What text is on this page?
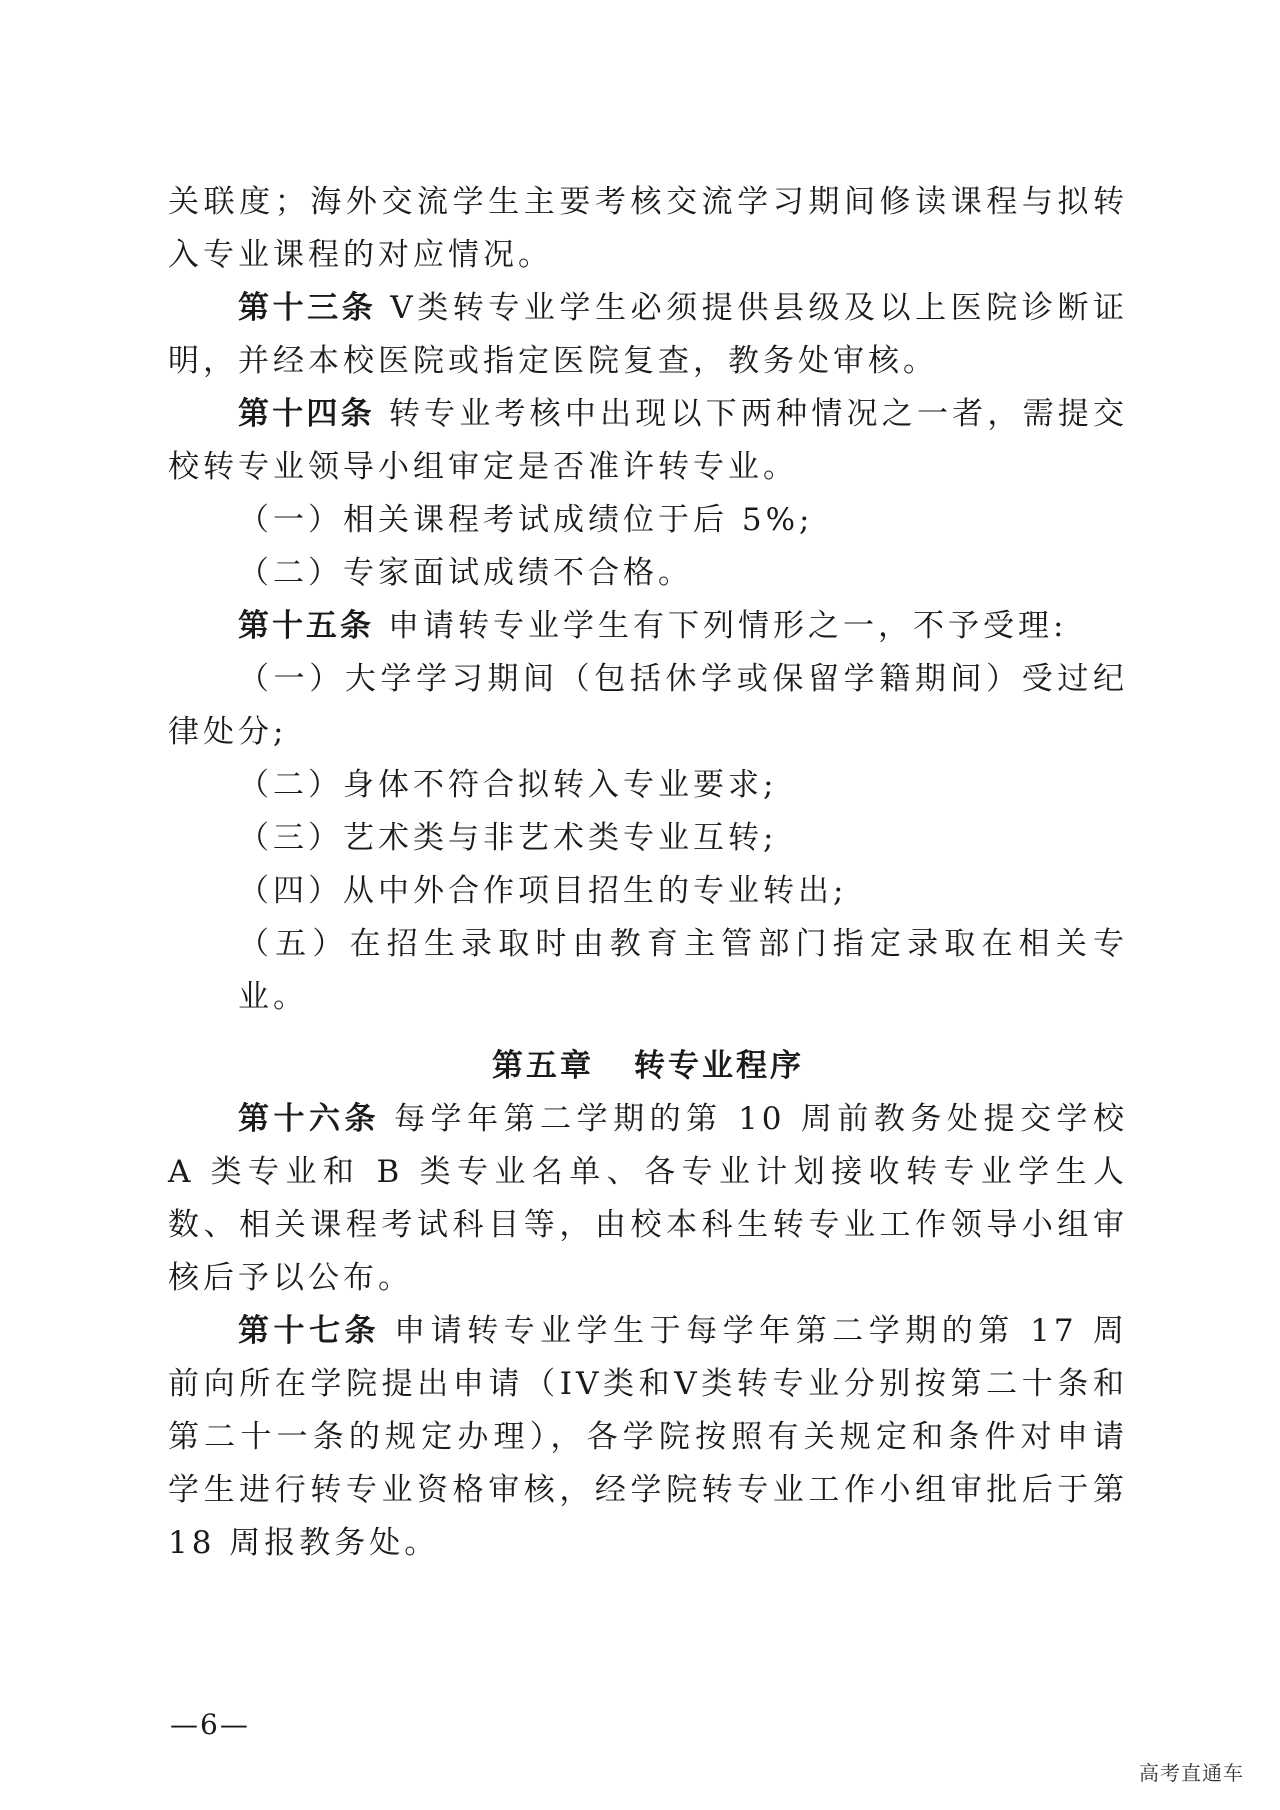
关联度；海外交流学生主要考核交流学习期间修读课程与拟转入专业课程的对应情况。

第十三条 V类转专业学生必须提供县级及以上医院诊断证明，并经本校医院或指定医院复查，教务处审核。

第十四条 转专业考核中出现以下两种情况之一者，需提交校转专业领导小组审定是否准许转专业。

（一）相关课程考试成绩位于后 5%;

（二）专家面试成绩不合格。

第十五条 申请转专业学生有下列情形之一，不予受理:

（一）大学学习期间（包括休学或保留学籍期间）受过纪律处分;

（二）身体不符合拟转入专业要求;

（三）艺术类与非艺术类专业互转;

（四）从中外合作项目招生的专业转出;

（五）在招生录取时由教育主管部门指定录取在相关专业。

第五章 转专业程序

第十六条 每学年第二学期的第 10 周前教务处提交学校 A 类专业和 B 类专业名单、各专业计划接收转专业学生人数、相关课程考试科目等，由校本科生转专业工作领导小组审核后予以公布。

第十七条 申请转专业学生于每学年第二学期的第 17 周前向所在学院提出申请（IV类和V类转专业分别按第二十条和第二十一条的规定办理），各学院按照有关规定和条件对申请学生进行转专业资格审核，经学院转专业工作小组审批后于第 18 周报教务处。

—6—
高考直通车
